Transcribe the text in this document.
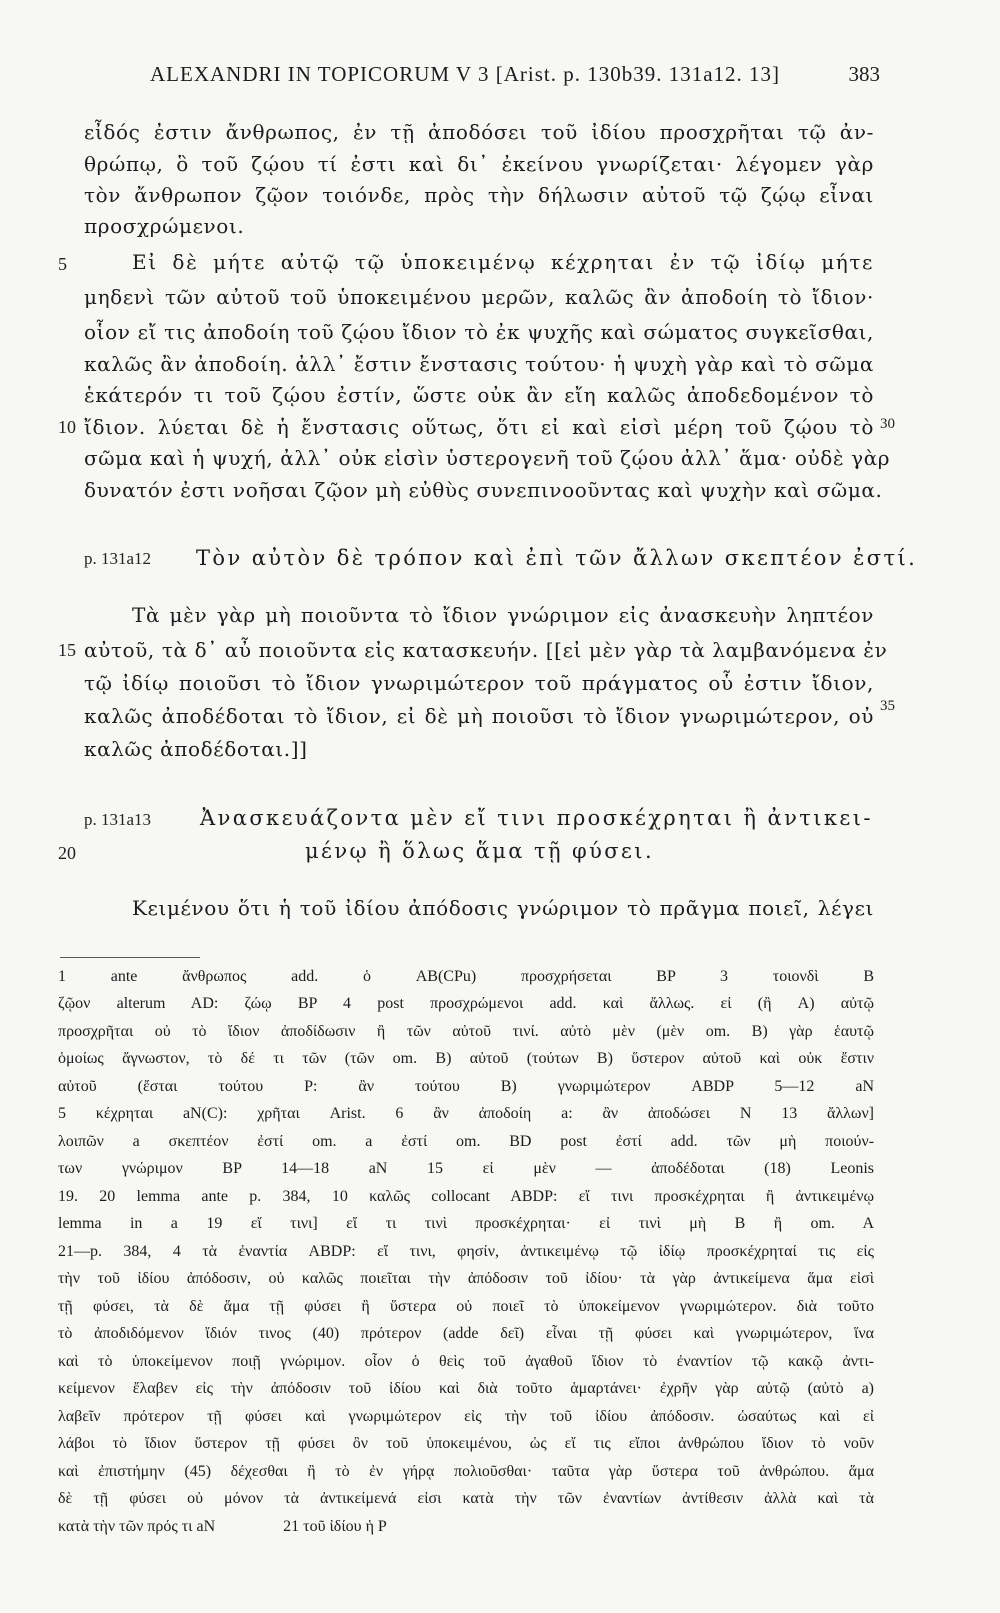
ALEXANDRI IN TOPICORUM V 3 [Arist. p. 130b39. 131a12. 13]	383
εἶδός ἐστιν ἄνθρωπος, ἐν τῇ ἀποδόσει τοῦ ἰδίου προσχρῆται τῷ ἀν-
θρώπῳ, ὃ τοῦ ζῴου τί ἐστι καὶ δι᾽ ἐκείνου γνωρίζεται· λέγομεν γὰρ
τὸν ἄνθρωπον ζῷον τοιόνδε, πρὸς τὴν δήλωσιν αὐτοῦ τῷ ζῴῳ εἶναι
προσχρώμενοι.
5	Εἰ δὲ μήτε αὐτῷ τῷ ὑποκειμένῳ κέχρηται ἐν τῷ ἰδίῳ μήτε
μηδενὶ τῶν αὐτοῦ τοῦ ὑποκειμένου μερῶν, καλῶς ἂν ἀποδοίη τὸ ἴδιον·
οἷον εἴ τις ἀποδοίη τοῦ ζῴου ἴδιον τὸ ἐκ ψυχῆς καὶ σώματος συγκεῖσθαι,
καλῶς ἂν ἀποδοίη. ἀλλ᾽ ἔστιν ἔνστασις τούτου· ἡ ψυχὴ γὰρ καὶ τὸ σῶμα
ἑκάτερόν τι τοῦ ζῴου ἐστίν, ὥστε οὐκ ἂν εἴη καλῶς ἀποδεδομένον τὸ
10 ἴδιον. λύεται δὲ ἡ ἔνστασις οὕτως, ὅτι εἰ καὶ εἰσὶ μέρη τοῦ ζῴου τὸ 30
σῶμα καὶ ἡ ψυχή, ἀλλ᾽ οὐκ εἰσὶν ὑστερογενῆ τοῦ ζῴου ἀλλ᾽ ἅμα· οὐδὲ γὰρ
δυνατόν ἐστι νοῆσαι ζῷον μὴ εὐθὺς συνεπινοοῦντας καὶ ψυχὴν καὶ σῶμα.
p. 131a12 Τὸν αὐτὸν δὲ τρόπον καὶ ἐπὶ τῶν ἄλλων σκεπτέον ἐστί.
Τὰ μὲν γὰρ μὴ ποιοῦντα τὸ ἴδιον γνώριμον εἰς ἀνασκευὴν ληπτέον
15 αὐτοῦ, τὰ δ᾽ αὖ ποιοῦντα εἰς κατασκευήν. [[εἰ μὲν γὰρ τὰ λαμβανόμενα ἐν
τῷ ἰδίῳ ποιοῦσι τὸ ἴδιον γνωριμώτερον τοῦ πράγματος οὗ ἐστιν ἴδιον,
καλῶς ἀποδέδοται τὸ ἴδιον, εἰ δὲ μὴ ποιοῦσι τὸ ἴδιον γνωριμώτερον, οὐ 35
καλῶς ἀποδέδοται.]]
p. 131a13 Ἀνασκευάζοντα μὲν εἴ τινι προσκέχρηται ἢ ἀντικει-
20	μένῳ ἢ ὅλως ἅμα τῇ φύσει.
Κειμένου ὅτι ἡ τοῦ ἰδίου ἀπόδοσις γνώριμον τὸ πρᾶγμα ποιεῖ, λέγει
1 ante ἄνθρωπος add. ὁ AB(CPu)	προσχρήσεται BP	3 τοιονδὶ B
ζῷον alterum AD: ζώῳ BP 4 post προσχρώμενοι add. καὶ ἄλλως. εἰ (ἢ A) αὐτῷ
προσχρῆται οὐ τὸ ἴδιον ἀποδίδωσιν ἢ τῶν αὐτοῦ τινί. αὐτὸ μὲν (μὲν om. B) γὰρ ἑαυτῷ
ὁμοίως ἄγνωστον, τὸ δέ τι τῶν (τῶν om. B) αὐτοῦ (τούτων B) ὕστερον αὐτοῦ καὶ οὐκ ἔστιν
αὐτοῦ (ἔσται τούτου P: ἂν τούτου B) γνωριμώτερον ABDP	5—12 aN
5 κέχρηται aN(C): χρῆται Arist. 6 ἂν ἀποδοίη a: ἂν ἀποδώσει N 13 ἄλλων]
λοιπῶν a σκεπτέον ἐστί om. a ἐστί om. BD post ἐστί add. τῶν μὴ ποιούν-
των γνώριμον BP 14—18 aN 15 εἰ μὲν — ἀποδέδοται (18) Leonis
19. 20 lemma ante p. 384, 10 καλῶς collocant ABDP: εἴ τινι προσκέχρηται ἢ ἀντικειμένῳ
lemma in a 19 εἴ τινι] εἴ τι τινὶ προσκέχρηται· εἰ τινὶ μὴ B ἢ om. A
21—p. 384, 4 τὰ ἐναντία ABDP: εἴ τινι, φησίν, ἀντικειμένῳ τῷ ἰδίῳ προσκέχρηταί τις εἰς
τὴν τοῦ ἰδίου ἀπόδοσιν, οὐ καλῶς ποιεῖται τὴν ἀπόδοσιν τοῦ ἰδίου· τὰ γὰρ ἀντικείμενα ἅμα εἰσὶ
τῇ φύσει, τὰ δὲ ἅμα τῇ φύσει ἢ ὕστερα οὐ ποιεῖ τὸ ὑποκείμενον γνωριμώτερον. διὰ τοῦτο
τὸ ἀποδιδόμενον ἴδιόν τινος (40) πρότερον (adde δεῖ) εἶναι τῇ φύσει καὶ γνωριμώτερον, ἵνα
καὶ τὸ ὑποκείμενον ποιῇ γνώριμον. οἷον ὁ θεὶς τοῦ ἀγαθοῦ ἴδιον τὸ ἐναντίον τῷ κακῷ ἀντι-
κείμενον ἔλαβεν εἰς τὴν ἀπόδοσιν τοῦ ἰδίου καὶ διὰ τοῦτο ἁμαρτάνει· ἐχρῆν γὰρ αὐτῷ (αὐτὸ a)
λαβεῖν πρότερον τῇ φύσει καὶ γνωριμώτερον εἰς τὴν τοῦ ἰδίου ἀπόδοσιν. ὡσαύτως καὶ εἰ
λάβοι τὸ ἴδιον ὕστερον τῇ φύσει ὂν τοῦ ὑποκειμένου, ὡς εἴ τις εἴποι ἀνθρώπου ἴδιον τὸ νοῦν
καὶ ἐπιστήμην (45) δέχεσθαι ἢ τὸ ἐν γήρᾳ πολιοῦσθαι· ταῦτα γὰρ ὕστερα τοῦ ἀνθρώπου. ἅμα
δὲ τῇ φύσει οὐ μόνον τὰ ἀντικείμενά εἰσι κατὰ τὴν τῶν ἐναντίων ἀντίθεσιν ἀλλὰ καὶ τὰ
κατὰ τὴν τῶν πρός τι aN	21 τοῦ ἰδίου ἡ P
